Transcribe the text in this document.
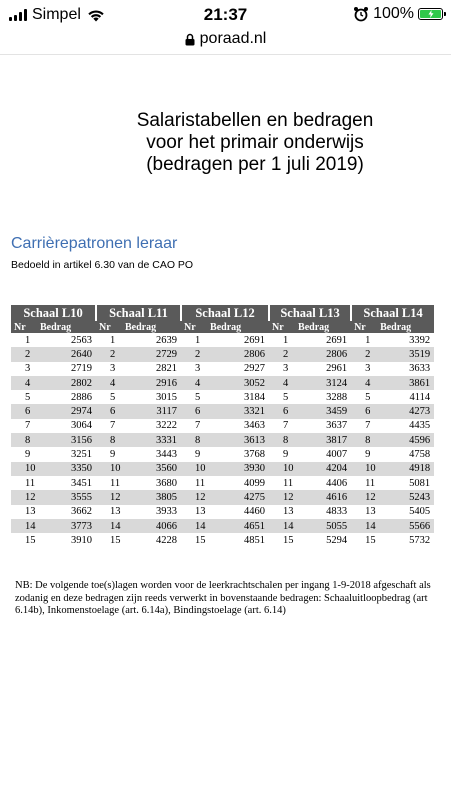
Simpel	21:37	100%
poraad.nl
Salaristabellen en bedragen
voor het primair onderwijs
(bedragen per 1 juli 2019)
Carrièrepatronen leraar
Bedoeld in artikel 6.30 van de CAO PO
Schaal L10		Schaal L11		Schaal L12		Schaal L13		Schaal L14	
Nr	Bedrag	Nr	Bedrag	Nr	Bedrag	Nr	Bedrag	Nr	Bedrag
1	2563	1	2639	1	2691	1	2691	1	3392
2	2640	2	2729	2	2806	2	2806	2	3519
3	2719	3	2821	3	2927	3	2961	3	3633
4	2802	4	2916	4	3052	4	3124	4	3861
5	2886	5	3015	5	3184	5	3288	5	4114
6	2974	6	3117	6	3321	6	3459	6	4273
7	3064	7	3222	7	3463	7	3637	7	4435
8	3156	8	3331	8	3613	8	3817	8	4596
9	3251	9	3443	9	3768	9	4007	9	4758
10	3350	10	3560	10	3930	10	4204	10	4918
11	3451	11	3680	11	4099	11	4406	11	5081
12	3555	12	3805	12	4275	12	4616	12	5243
13	3662	13	3933	13	4460	13	4833	13	5405
14	3773	14	4066	14	4651	14	5055	14	5566
15	3910	15	4228	15	4851	15	5294	15	5732
NB: De volgende toe(s)lagen worden voor de leerkrachtschalen per ingang 1-9-2018 afgeschaft als zodanig en deze bedragen zijn reeds verwerkt in bovenstaande bedragen: Schaaluitloopbedrag (art 6.14b), Inkomenstoelage (art. 6.14a), Bindingstoelage (art. 6.14)
